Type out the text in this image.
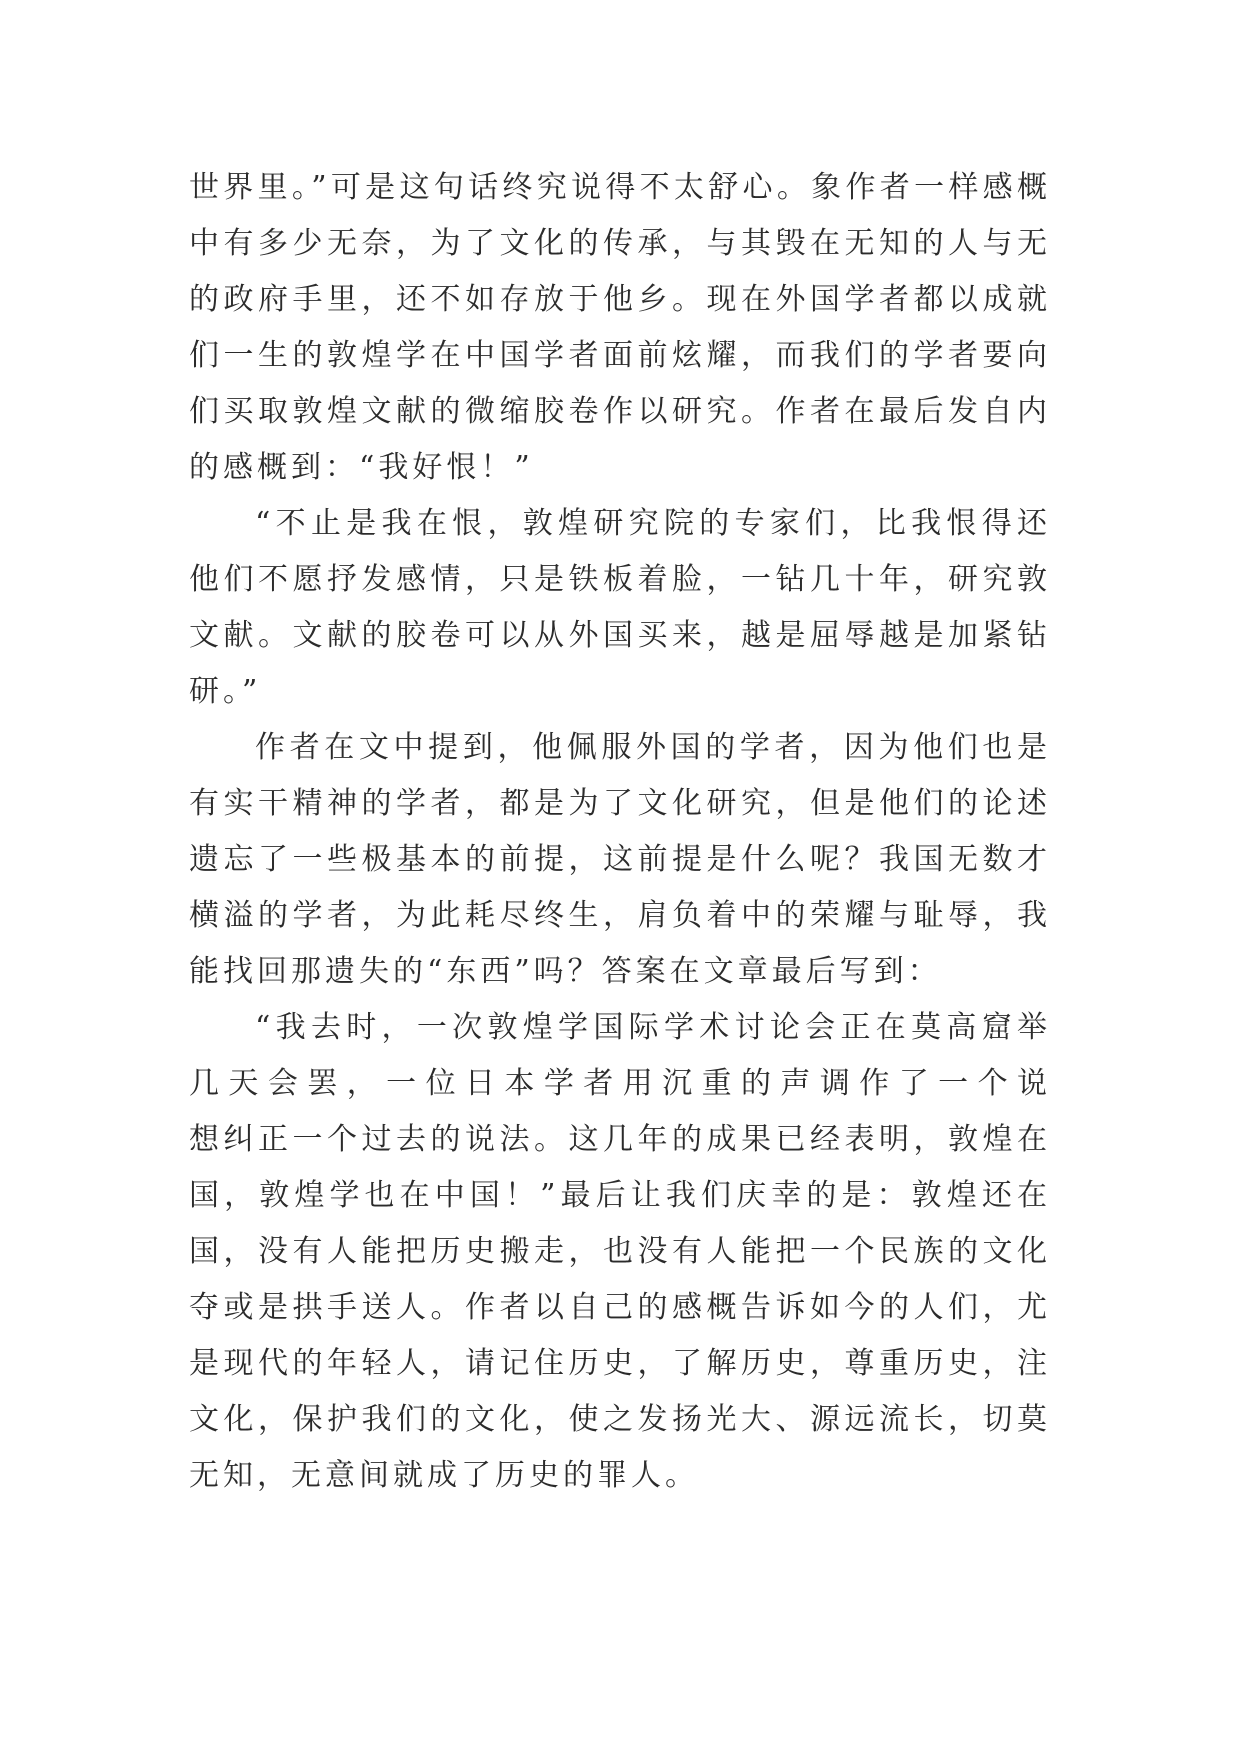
世界里。”可是这句话终究说得不太舒心。象作者一样感概
中有多少无奈，为了文化的传承，与其毁在无知的人与无
的政府手里，还不如存放于他乡。现在外国学者都以成就
们一生的敦煌学在中国学者面前炫耀，而我们的学者要向
们买取敦煌文献的微缩胶卷作以研究。作者在最后发自内
的感概到：“我好恨！”
“不止是我在恨，敦煌研究院的专家们，比我恨得还
他们不愿抒发感情，只是铁板着脸，一钻几十年，研究敦
文献。文献的胶卷可以从外国买来，越是屈辱越是加紧钻
研。”
作者在文中提到，他佩服外国的学者，因为他们也是
有实干精神的学者，都是为了文化研究，但是他们的论述
遗忘了一些极基本的前提，这前提是什么呢？我国无数才
横溢的学者，为此耗尽终生，肩负着中的荣耀与耻辱，我
能找回那遗失的“东西”吗？答案在文章最后写到：
“我去时，一次敦煌学国际学术讨论会正在莫高窟举
几天会罢，一位日本学者用沉重的声调作了一个说
想纠正一个过去的说法。这几年的成果已经表明，敦煌在
国，敦煌学也在中国！”最后让我们庆幸的是：敦煌还在
国，没有人能把历史搬走，也没有人能把一个民族的文化
夺或是拱手送人。作者以自己的感概告诉如今的人们，尤
是现代的年轻人，请记住历史，了解历史，尊重历史，注
文化，保护我们的文化，使之发扬光大、源远流长，切莫
无知，无意间就成了历史的罪人。
